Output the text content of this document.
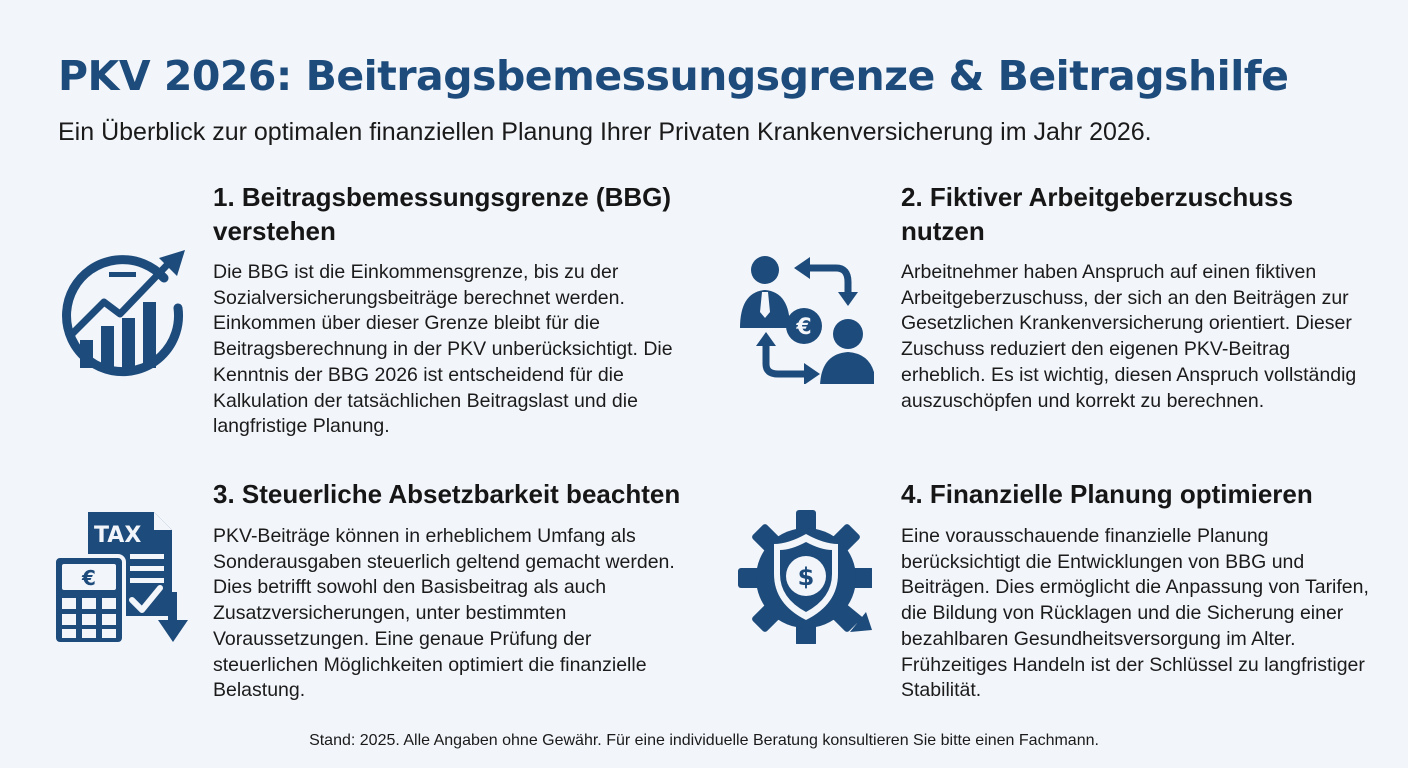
PKV 2026: Beitragsbemessungsgrenze & Beitragshilfe

Ein Überblick zur optimalen finanziellen Planung Ihrer Privaten Krankenversicherung im Jahr 2026.

1. Beitragsbemessungsgrenze (BBG) verstehen

Die BBG ist die Einkommensgrenze, bis zu der Sozialversicherungsbeiträge berechnet werden. Einkommen über dieser Grenze bleibt für die Beitragsberechnung in der PKV unberücksichtigt. Die Kenntnis der BBG 2026 ist entscheidend für die Kalkulation der tatsächlichen Beitragslast und die langfristige Planung.

€
2. Fiktiver Arbeitgeberzuschuss nutzen

Arbeitnehmer haben Anspruch auf einen fiktiven Arbeitgeberzuschuss, der sich an den Beiträgen zur Gesetzlichen Krankenversicherung orientiert. Dieser Zuschuss reduziert den eigenen PKV-Beitrag erheblich. Es ist wichtig, diesen Anspruch vollständig auszuschöpfen und korrekt zu berechnen.

TAX
€
3. Steuerliche Absetzbarkeit beachten

PKV-Beiträge können in erheblichem Umfang als Sonderausgaben steuerlich geltend gemacht werden. Dies betrifft sowohl den Basisbeitrag als auch Zusatzversicherungen, unter bestimmten Voraussetzungen. Eine genaue Prüfung der steuerlichen Möglichkeiten optimiert die finanzielle Belastung.

$
4. Finanzielle Planung optimieren

Eine vorausschauende finanzielle Planung berücksichtigt die Entwicklungen von BBG und Beiträgen. Dies ermöglicht die Anpassung von Tarifen, die Bildung von Rücklagen und die Sicherung einer bezahlbaren Gesundheitsversorgung im Alter. Frühzeitiges Handeln ist der Schlüssel zu langfristiger Stabilität.

Stand: 2025. Alle Angaben ohne Gewähr. Für eine individuelle Beratung konsultieren Sie bitte einen Fachmann.
